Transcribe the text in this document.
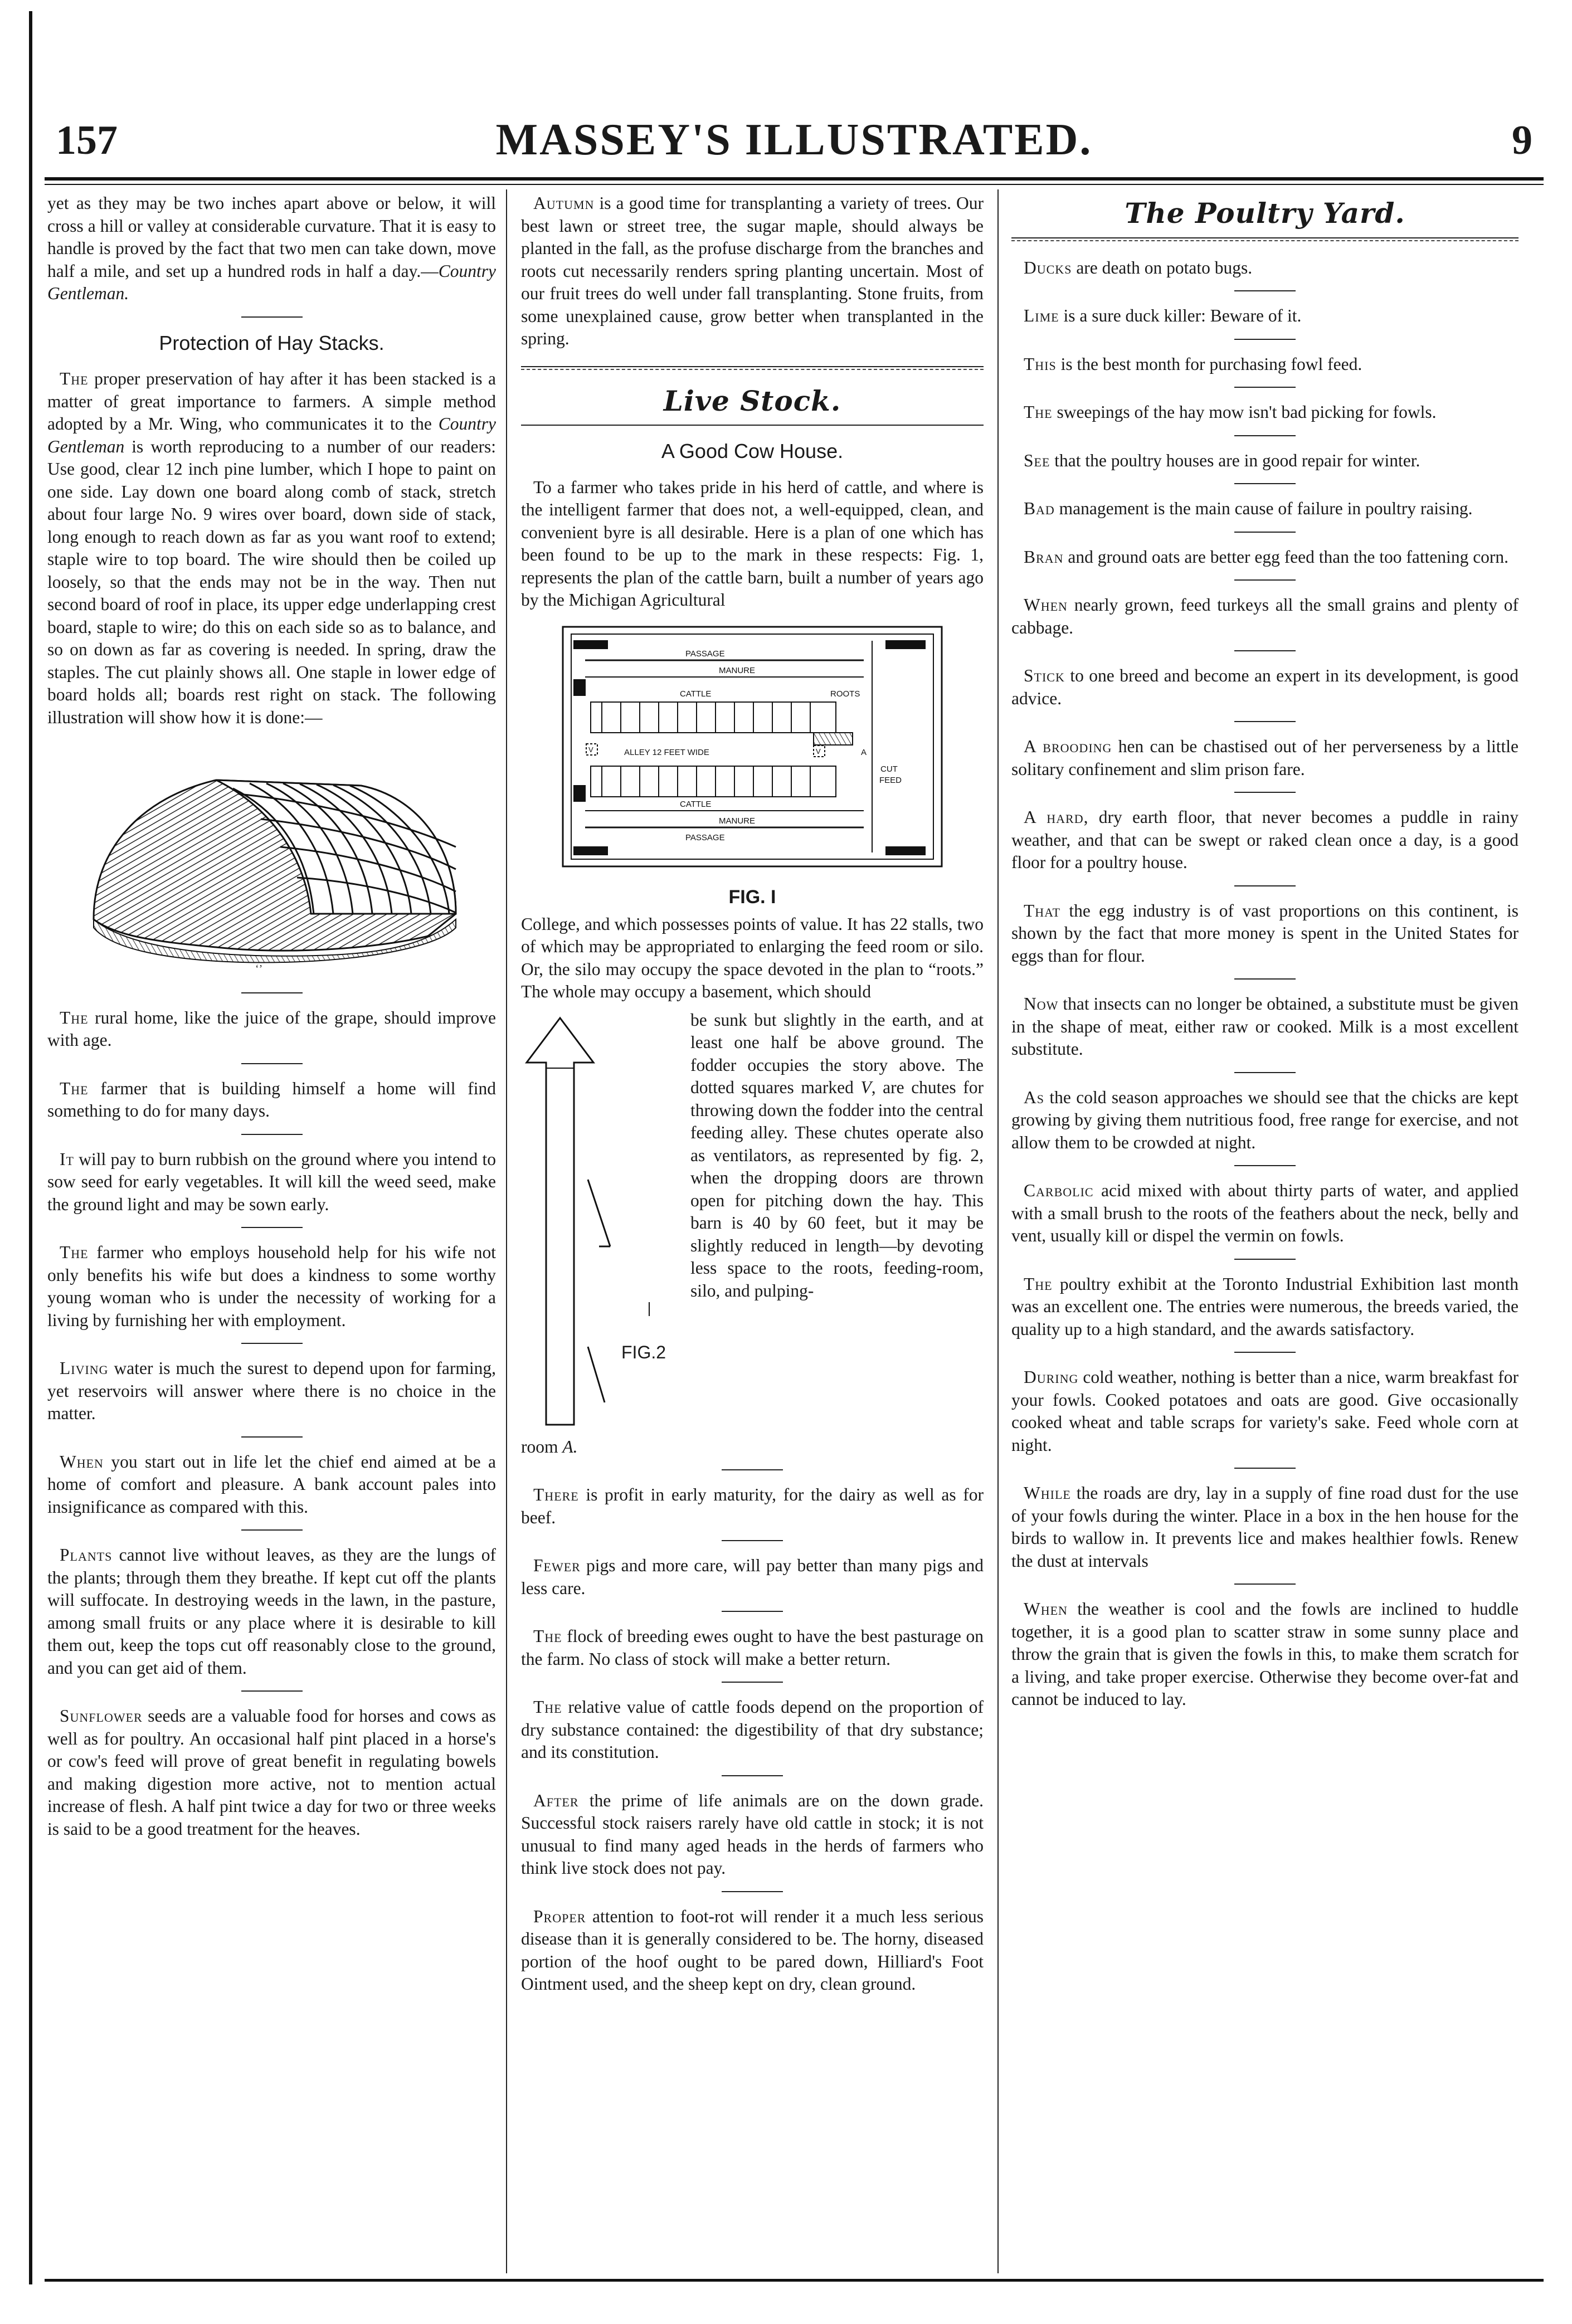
157	MASSEY'S ILLUSTRATED.	9

yet as they may be two inches apart above or below, it will cross a hill or valley at considerable curvature. That it is easy to handle is proved by the fact that two men can take down, move half a mile, and set up a hundred rods in half a day.—Country Gentleman.

Protection of Hay Stacks.

The proper preservation of hay after it has been stacked is a matter of great importance to farmers. A simple method adopted by a Mr. Wing, who communicates it to the Country Gentleman is worth reproducing to a number of our readers: Use good, clear 12 inch pine lumber, which I hope to paint on one side. Lay down one board along comb of stack, stretch about four large No. 9 wires over board, down side of stack, long enough to reach down as far as you want roof to extend; staple wire to top board. The wire should then be coiled up loosely, so that the ends may not be in the way. Then nut second board of roof in place, its upper edge underlapping crest board, staple to wire; do this on each side so as to balance, and so on down as far as covering is needed. In spring, draw the staples. The cut plainly shows all. One staple in lower edge of board holds all; boards rest right on stack. The following illustration will show how it is done:—

‘’

The rural home, like the juice of the grape, should improve with age.

The farmer that is building himself a home will find something to do for many days.

It will pay to burn rubbish on the ground where you intend to sow seed for early vegetables. It will kill the weed seed, make the ground light and may be sown early.

The farmer who employs household help for his wife not only benefits his wife but does a kindness to some worthy young woman who is under the necessity of working for a living by furnishing her with employment.

Living water is much the surest to depend upon for farming, yet reservoirs will answer where there is no choice in the matter.

When you start out in life let the chief end aimed at be a home of comfort and pleasure. A bank account pales into insignificance as compared with this.

Plants cannot live without leaves, as they are the lungs of the plants; through them they breathe. If kept cut off the plants will suffocate. In destroying weeds in the lawn, in the pasture, among small fruits or any place where it is desirable to kill them out, keep the tops cut off reasonably close to the ground, and you can get aid of them.

Sunflower seeds are a valuable food for horses and cows as well as for poultry. An occasional half pint placed in a horse's or cow's feed will prove of great benefit in regulating bowels and making digestion more active, not to mention actual increase of flesh. A half pint twice a day for two or three weeks is said to be a good treatment for the heaves.

Autumn is a good time for transplanting a variety of trees. Our best lawn or street tree, the sugar maple, should always be planted in the fall, as the profuse discharge from the branches and roots cut necessarily renders spring planting uncertain. Most of our fruit trees do well under fall transplanting. Stone fruits, from some unexplained cause, grow better when transplanted in the spring.

Live Stock.
A Good Cow House.

To a farmer who takes pride in his herd of cattle, and where is the intelligent farmer that does not, a well-equipped, clean, and convenient byre is all desirable. Here is a plan of one which has been found to be up to the mark in these respects: Fig. 1, represents the plan of the cattle barn, built a number of years ago by the Michigan Agricultural

PASSAGE
MANURE
CATTLE	ROOTS
ALLEY 12 FEET WIDE
V	V	A
CUT
FEED
CATTLE
MANURE
PASSAGE
FIG. I

College, and which possesses points of value. It has 22 stalls, two of which may be appropriated to enlarging the feed room or silo. Or, the silo may occupy the space devoted in the plan to “roots.” The whole may occupy a basement, which should

FIG.2

be sunk but slightly in the earth, and at least one half be above ground. The fodder occupies the story above. The dotted squares marked V, are chutes for throwing down the fodder into the central feeding alley. These chutes operate also as ventilators, as represented by fig. 2, when the dropping doors are thrown open for pitching down the hay. This barn is 40 by 60 feet, but it may be slightly reduced in length—by devoting less space to the roots, feeding-room, silo, and pulping-

room A.

There is profit in early maturity, for the dairy as well as for beef.

Fewer pigs and more care, will pay better than many pigs and less care.

The flock of breeding ewes ought to have the best pasturage on the farm. No class of stock will make a better return.

The relative value of cattle foods depend on the proportion of dry substance contained: the digestibility of that dry substance; and its constitution.

After the prime of life animals are on the down grade. Successful stock raisers rarely have old cattle in stock; it is not unusual to find many aged heads in the herds of farmers who think live stock does not pay.

Proper attention to foot-rot will render it a much less serious disease than it is generally considered to be. The horny, diseased portion of the hoof ought to be pared down, Hilliard's Foot Ointment used, and the sheep kept on dry, clean ground.

The Poultry Yard.

Ducks are death on potato bugs.

Lime is a sure duck killer: Beware of it.

This is the best month for purchasing fowl feed.

The sweepings of the hay mow isn't bad picking for fowls.

See that the poultry houses are in good repair for winter.

Bad management is the main cause of failure in poultry raising.

Bran and ground oats are better egg feed than the too fattening corn.

When nearly grown, feed turkeys all the small grains and plenty of cabbage.

Stick to one breed and become an expert in its development, is good advice.

A brooding hen can be chastised out of her perverseness by a little solitary confinement and slim prison fare.

A hard, dry earth floor, that never becomes a puddle in rainy weather, and that can be swept or raked clean once a day, is a good floor for a poultry house.

That the egg industry is of vast proportions on this continent, is shown by the fact that more money is spent in the United States for eggs than for flour.

Now that insects can no longer be obtained, a substitute must be given in the shape of meat, either raw or cooked. Milk is a most excellent substitute.

As the cold season approaches we should see that the chicks are kept growing by giving them nutritious food, free range for exercise, and not allow them to be crowded at night.

Carbolic acid mixed with about thirty parts of water, and applied with a small brush to the roots of the feathers about the neck, belly and vent, usually kill or dispel the vermin on fowls.

The poultry exhibit at the Toronto Industrial Exhibition last month was an excellent one. The entries were numerous, the breeds varied, the quality up to a high standard, and the awards satisfactory.

During cold weather, nothing is better than a nice, warm breakfast for your fowls. Cooked potatoes and oats are good. Give occasionally cooked wheat and table scraps for variety's sake. Feed whole corn at night.

While the roads are dry, lay in a supply of fine road dust for the use of your fowls during the winter. Place in a box in the hen house for the birds to wallow in. It prevents lice and makes healthier fowls. Renew the dust at intervals

When the weather is cool and the fowls are inclined to huddle together, it is a good plan to scatter straw in some sunny place and throw the grain that is given the fowls in this, to make them scratch for a living, and take proper exercise. Otherwise they become over-fat and cannot be induced to lay.
